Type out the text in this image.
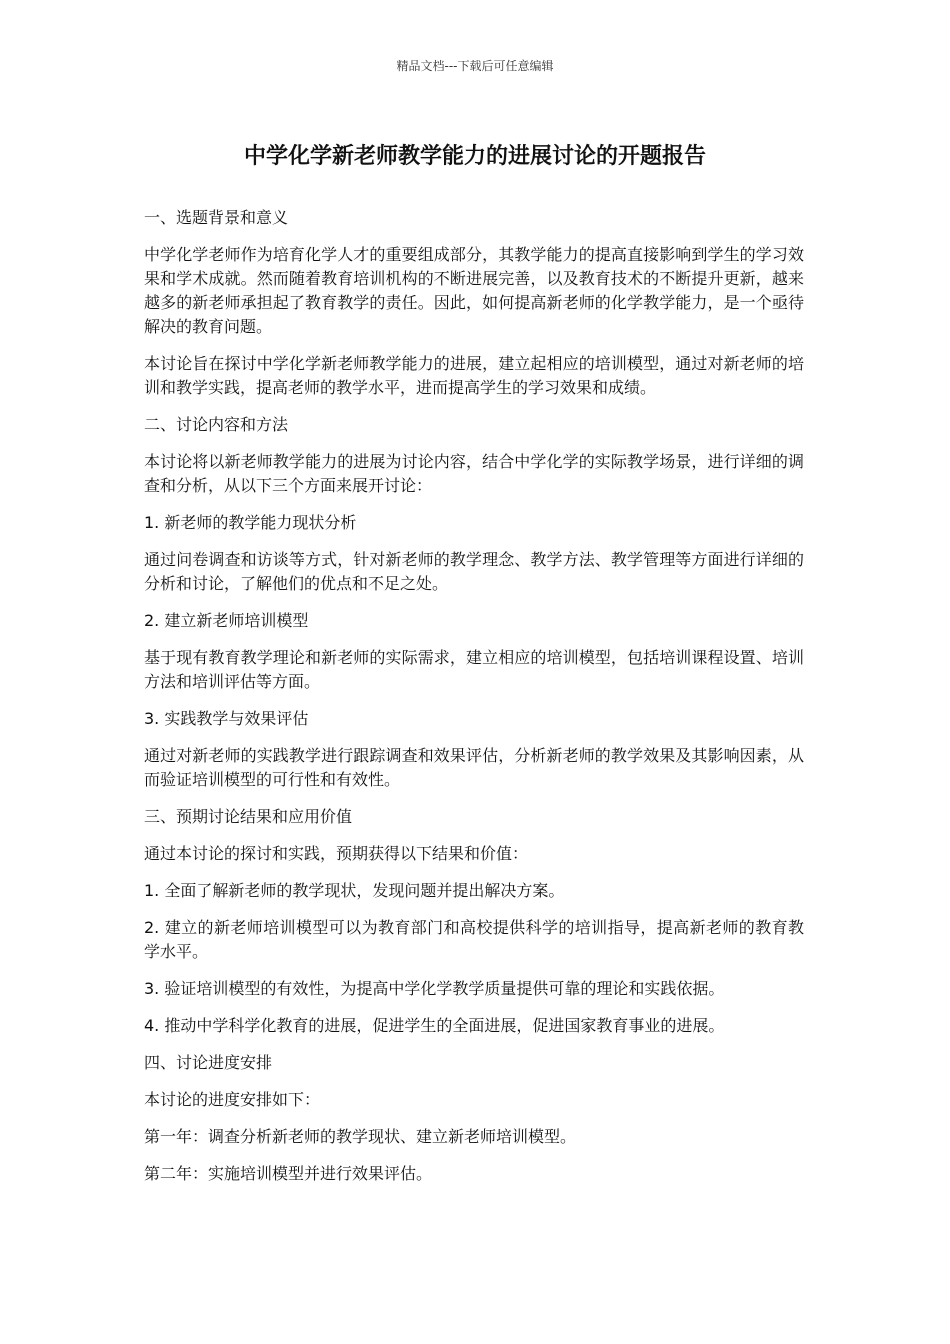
精品文档---下载后可任意编辑
中学化学新老师教学能力的进展讨论的开题报告

一、选题背景和意义

中学化学老师作为培育化学人才的重要组成部分，其教学能力的提高直接影响到学生的学习效果和学术成就。然而随着教育培训机构的不断进展完善，以及教育技术的不断提升更新，越来越多的新老师承担起了教育教学的责任。因此，如何提高新老师的化学教学能力，是一个亟待解决的教育问题。

本讨论旨在探讨中学化学新老师教学能力的进展，建立起相应的培训模型，通过对新老师的培训和教学实践，提高老师的教学水平，进而提高学生的学习效果和成绩。

二、讨论内容和方法

本讨论将以新老师教学能力的进展为讨论内容，结合中学化学的实际教学场景，进行详细的调查和分析，从以下三个方面来展开讨论：

1. 新老师的教学能力现状分析

通过问卷调查和访谈等方式，针对新老师的教学理念、教学方法、教学管理等方面进行详细的分析和讨论，了解他们的优点和不足之处。

2. 建立新老师培训模型

基于现有教育教学理论和新老师的实际需求，建立相应的培训模型，包括培训课程设置、培训方法和培训评估等方面。

3. 实践教学与效果评估

通过对新老师的实践教学进行跟踪调查和效果评估，分析新老师的教学效果及其影响因素，从而验证培训模型的可行性和有效性。

三、预期讨论结果和应用价值

通过本讨论的探讨和实践，预期获得以下结果和价值：

1. 全面了解新老师的教学现状，发现问题并提出解决方案。

2. 建立的新老师培训模型可以为教育部门和高校提供科学的培训指导，提高新老师的教育教学水平。

3. 验证培训模型的有效性，为提高中学化学教学质量提供可靠的理论和实践依据。

4. 推动中学科学化教育的进展，促进学生的全面进展，促进国家教育事业的进展。

四、讨论进度安排

本讨论的进度安排如下：

第一年：调查分析新老师的教学现状、建立新老师培训模型。

第二年：实施培训模型并进行效果评估。
